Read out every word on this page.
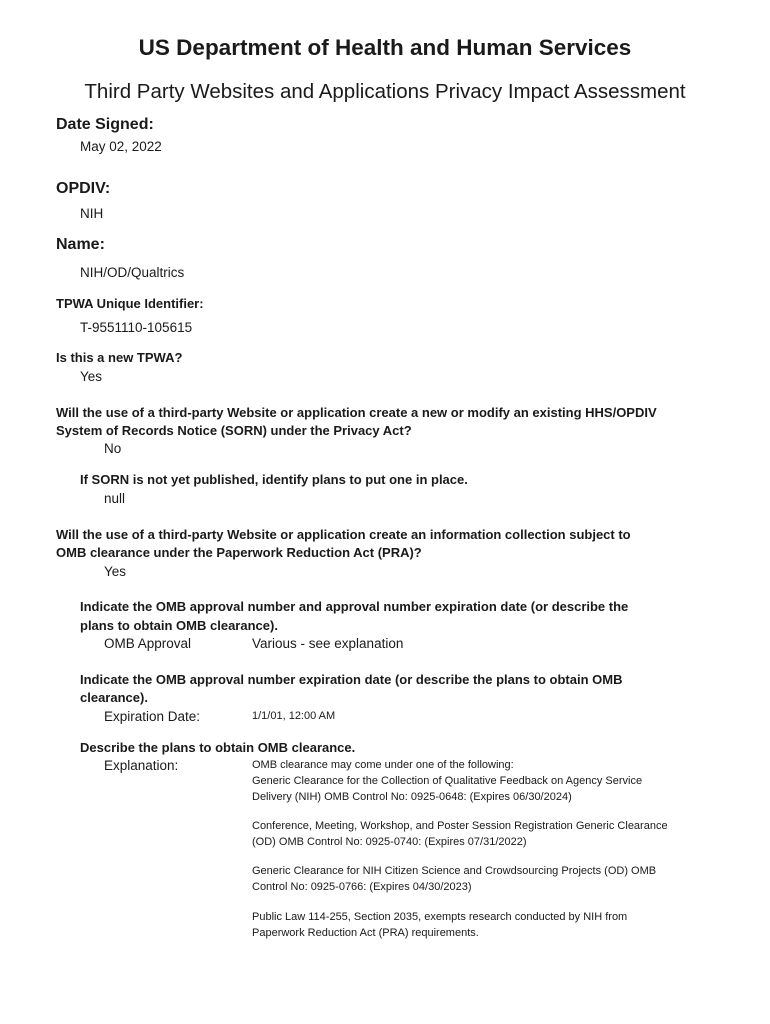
US Department of Health and Human Services
Third Party Websites and Applications Privacy Impact Assessment
Date Signed:
May 02, 2022
OPDIV:
NIH
Name:
NIH/OD/Qualtrics
TPWA Unique Identifier:
T-9551110-105615
Is this a new TPWA?
Yes
Will the use of a third-party Website or application create a new or modify an existing HHS/OPDIV
System of Records Notice (SORN) under the Privacy Act?
No
If SORN is not yet published, identify plans to put one in place.
null
Will the use of a third-party Website or application create an information collection subject to
OMB clearance under the Paperwork Reduction Act (PRA)?
Yes
Indicate the OMB approval number and approval number expiration date (or describe the
plans to obtain OMB clearance).
OMB Approval	Various - see explanation
Indicate the OMB approval number expiration date (or describe the plans to obtain OMB
clearance).
Expiration Date:	1/1/01, 12:00 AM
Describe the plans to obtain OMB clearance.
Explanation:	OMB clearance may come under one of the following:
Generic Clearance for the Collection of Qualitative Feedback on Agency Service
Delivery (NIH) OMB Control No: 0925-0648: (Expires 06/30/2024)
Conference, Meeting, Workshop, and Poster Session Registration Generic Clearance
(OD) OMB Control No: 0925-0740: (Expires 07/31/2022)
Generic Clearance for NIH Citizen Science and Crowdsourcing Projects (OD) OMB
Control No: 0925-0766: (Expires 04/30/2023)
Public Law 114-255, Section 2035, exempts research conducted by NIH from
Paperwork Reduction Act (PRA) requirements.
